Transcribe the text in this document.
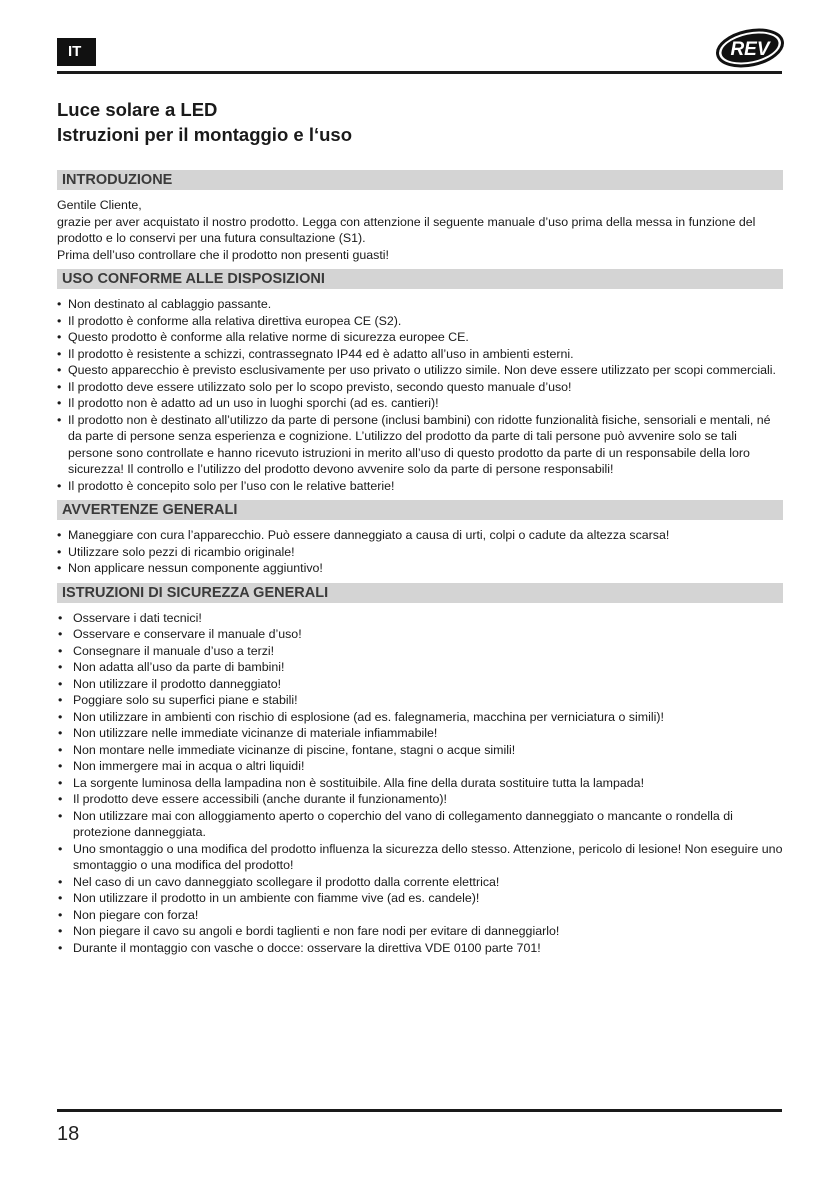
IT	REV
Luce solare a LED
Istruzioni per il montaggio e l‘uso
INTRODUZIONE
Gentile Cliente,
grazie per aver acquistato il nostro prodotto. Legga con attenzione il seguente manuale d’uso prima della messa in funzione del prodotto e lo conservi per una futura consultazione (S1).
Prima dell’uso controllare che il prodotto non presenti guasti!
USO CONFORME ALLE DISPOSIZIONI
• Non destinato al cablaggio passante.
• Il prodotto è conforme alla relativa direttiva europea CE (S2).
• Questo prodotto è conforme alla relative norme di sicurezza europee CE.
• Il prodotto è resistente a schizzi, contrassegnato IP44 ed è adatto all’uso in ambienti esterni.
• Questo apparecchio è previsto esclusivamente per uso privato o utilizzo simile. Non deve essere utilizzato per scopi commerciali.
• Il prodotto deve essere utilizzato solo per lo scopo previsto, secondo questo manuale d’uso!
• Il prodotto non è adatto ad un uso in luoghi sporchi (ad es. cantieri)!
• Il prodotto non è destinato all’utilizzo da parte di persone (inclusi bambini) con ridotte funzionalità fisiche, sensoriali e mentali, né da parte di persone senza esperienza e cognizione. L’utilizzo del prodotto da parte di tali persone può avvenire solo se tali persone sono controllate e hanno ricevuto istruzioni in merito all’uso di questo prodotto da parte di un responsabile della loro sicurezza! Il controllo e l’utilizzo del prodotto devono avvenire solo da parte di persone responsabili!
• Il prodotto è concepito solo per l’uso con le relative batterie!
AVVERTENZE GENERALI
• Maneggiare con cura l’apparecchio. Può essere danneggiato a causa di urti, colpi o cadute da altezza scarsa!
• Utilizzare solo pezzi di ricambio originale!
• Non applicare nessun componente aggiuntivo!
ISTRUZIONI DI SICUREZZA GENERALI
• Osservare i dati tecnici!
• Osservare e conservare il manuale d’uso!
• Consegnare il manuale d’uso a terzi!
• Non adatta all’uso da parte di bambini!
• Non utilizzare il prodotto danneggiato!
• Poggiare solo su superfici piane e stabili!
• Non utilizzare in ambienti con rischio di esplosione (ad es. falegnameria, macchina per verniciatura o simili)!
• Non utilizzare nelle immediate vicinanze di materiale infiammabile!
• Non montare nelle immediate vicinanze di piscine, fontane, stagni o acque simili!
• Non immergere mai in acqua o altri liquidi!
• La sorgente luminosa della lampadina non è sostituibile. Alla fine della durata sostituire tutta la lampada!
• Il prodotto deve essere accessibili (anche durante il funzionamento)!
• Non utilizzare mai con alloggiamento aperto o coperchio del vano di collegamento danneggiato o mancante o rondella di protezione danneggiata.
• Uno smontaggio o una modifica del prodotto influenza la sicurezza dello stesso. Attenzione, pericolo di lesione! Non eseguire uno smontaggio o una modifica del prodotto!
• Nel caso di un cavo danneggiato scollegare il prodotto dalla corrente elettrica!
• Non utilizzare il prodotto in un ambiente con fiamme vive (ad es. candele)!
• Non piegare con forza!
• Non piegare il cavo su angoli e bordi taglienti e non fare nodi per evitare di danneggiarlo!
• Durante il montaggio con vasche o docce: osservare la direttiva VDE 0100 parte 701!
18
